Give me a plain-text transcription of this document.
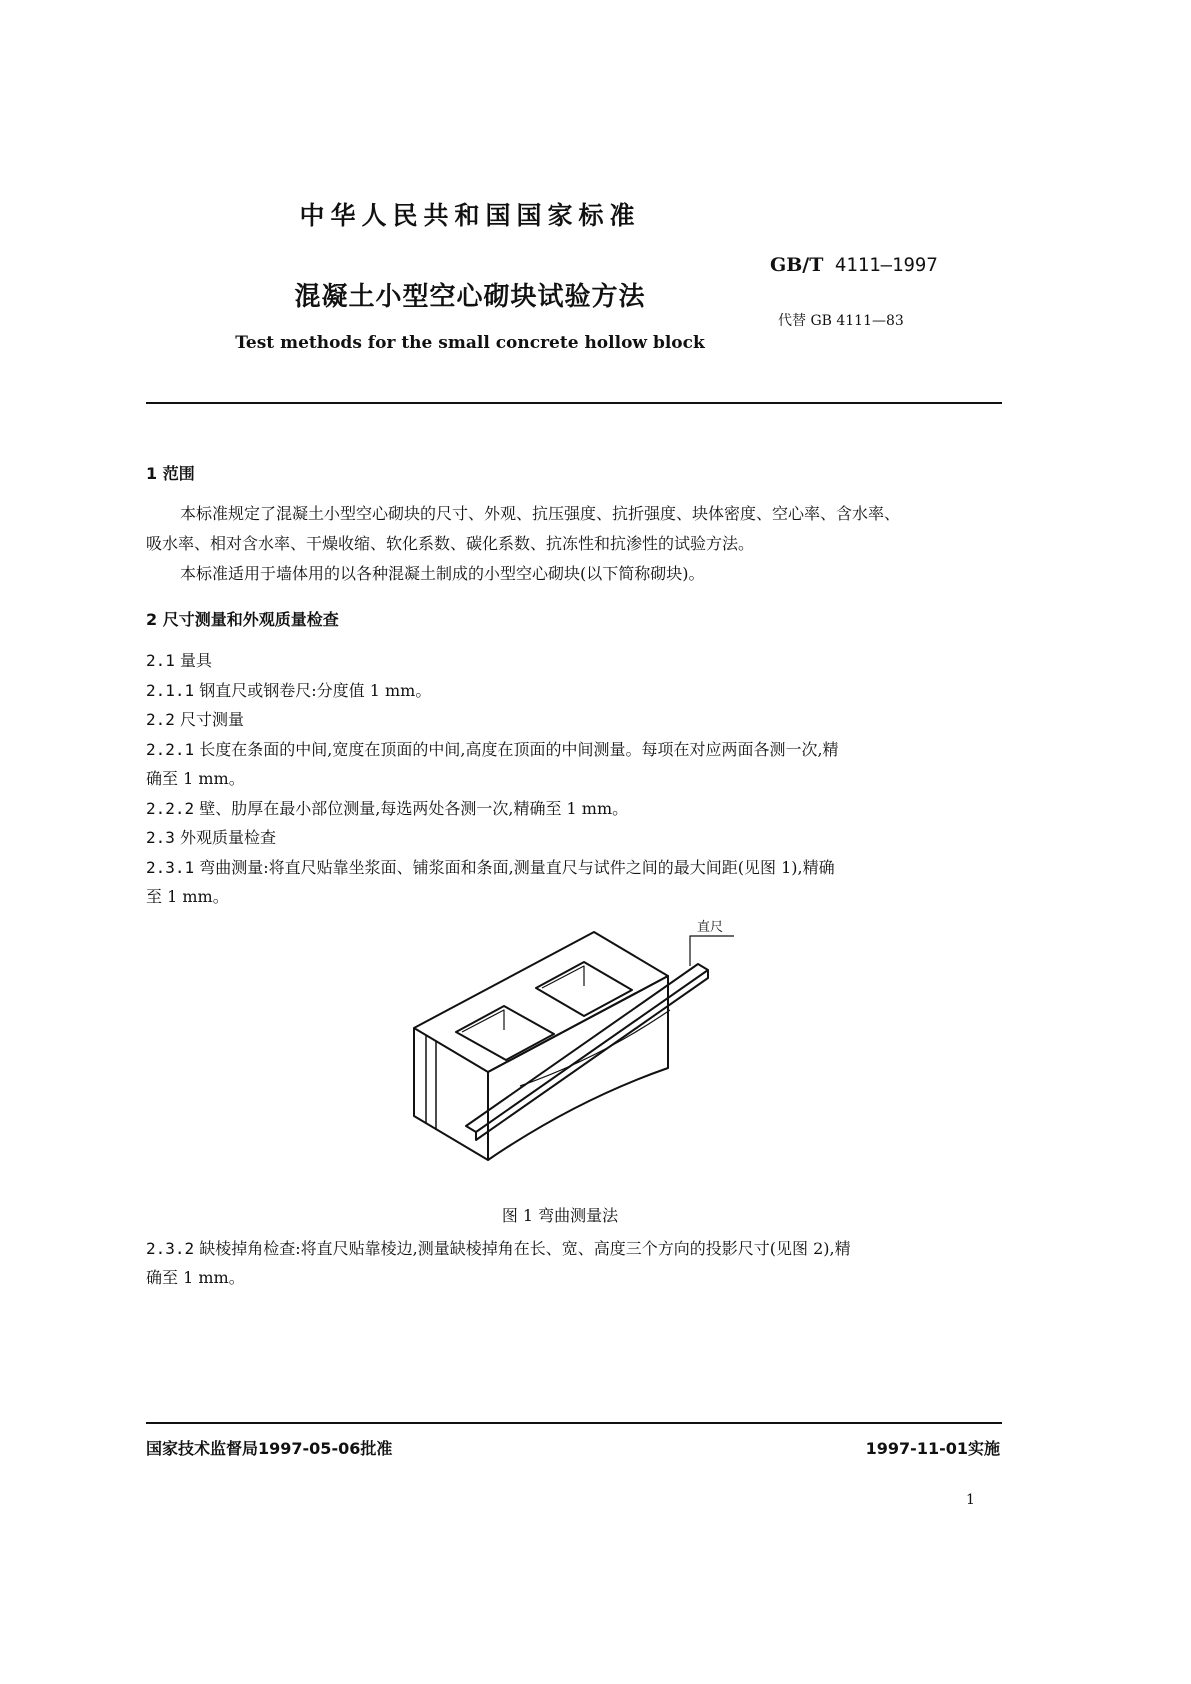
中华人民共和国国家标准
GB/T 4111—1997
混凝土小型空心砌块试验方法
代替 GB 4111—83
Test methods for the small concrete hollow block
1 范围
本标准规定了混凝土小型空心砌块的尺寸、外观、抗压强度、抗折强度、块体密度、空心率、含水率、
吸水率、相对含水率、干燥收缩、软化系数、碳化系数、抗冻性和抗渗性的试验方法。
本标准适用于墙体用的以各种混凝土制成的小型空心砌块(以下简称砌块)。
2 尺寸测量和外观质量检查
2.1 量具
2.1.1 钢直尺或钢卷尺:分度值 1 mm。
2.2 尺寸测量
2.2.1 长度在条面的中间,宽度在顶面的中间,高度在顶面的中间测量。每项在对应两面各测一次,精
确至 1 mm。
2.2.2 壁、肋厚在最小部位测量,每选两处各测一次,精确至 1 mm。
2.3 外观质量检查
2.3.1 弯曲测量:将直尺贴靠坐浆面、铺浆面和条面,测量直尺与试件之间的最大间距(见图 1),精确
至 1 mm。
直尺
图 1 弯曲测量法
2.3.2 缺棱掉角检查:将直尺贴靠棱边,测量缺棱掉角在长、宽、高度三个方向的投影尺寸(见图 2),精
确至 1 mm。
国家技术监督局1997-05-06批准	1997-11-01实施
1
